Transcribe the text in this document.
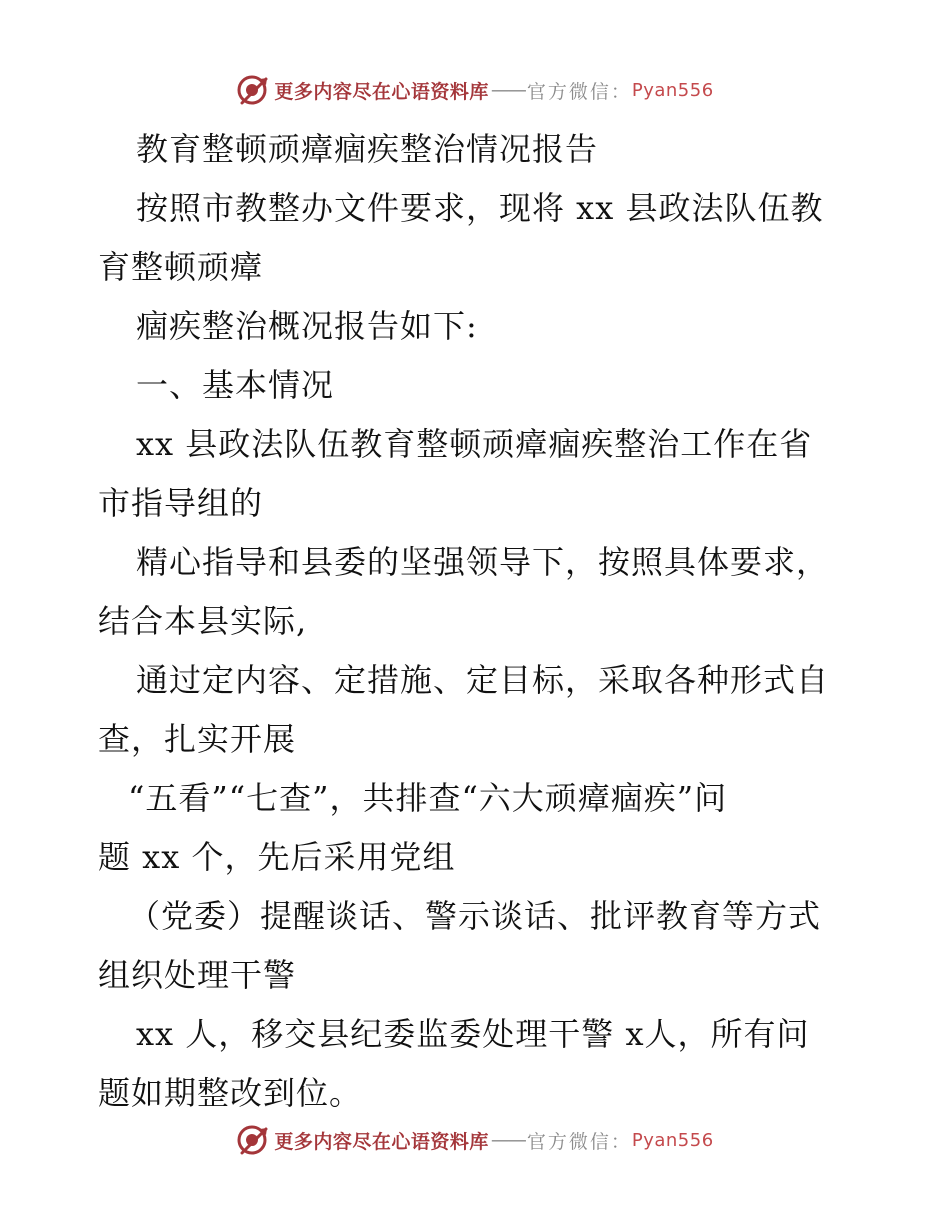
更多内容尽在心语资料库 —— 官方微信： Pyan556
教育整顿顽瘴痼疾整治情况报告
按照市教整办文件要求，现将 xx 县政法队伍教
育整顿顽瘴
痼疾整治概况报告如下:
一、基本情况
xx 县政法队伍教育整顿顽瘴痼疾整治工作在省
市指导组的
精心指导和县委的坚强领导下，按照具体要求，
结合本县实际,
通过定内容、定措施、定目标，采取各种形式自
查，扎实开展
“五看”“七查”，共排查“六大顽瘴痼疾”问
题 xx 个，先后采用党组
（党委）提醒谈话、警示谈话、批评教育等方式
组织处理干警
xx 人，移交县纪委监委处理干警 x人，所有问
题如期整改到位。
更多内容尽在心语资料库 —— 官方微信： Pyan556
